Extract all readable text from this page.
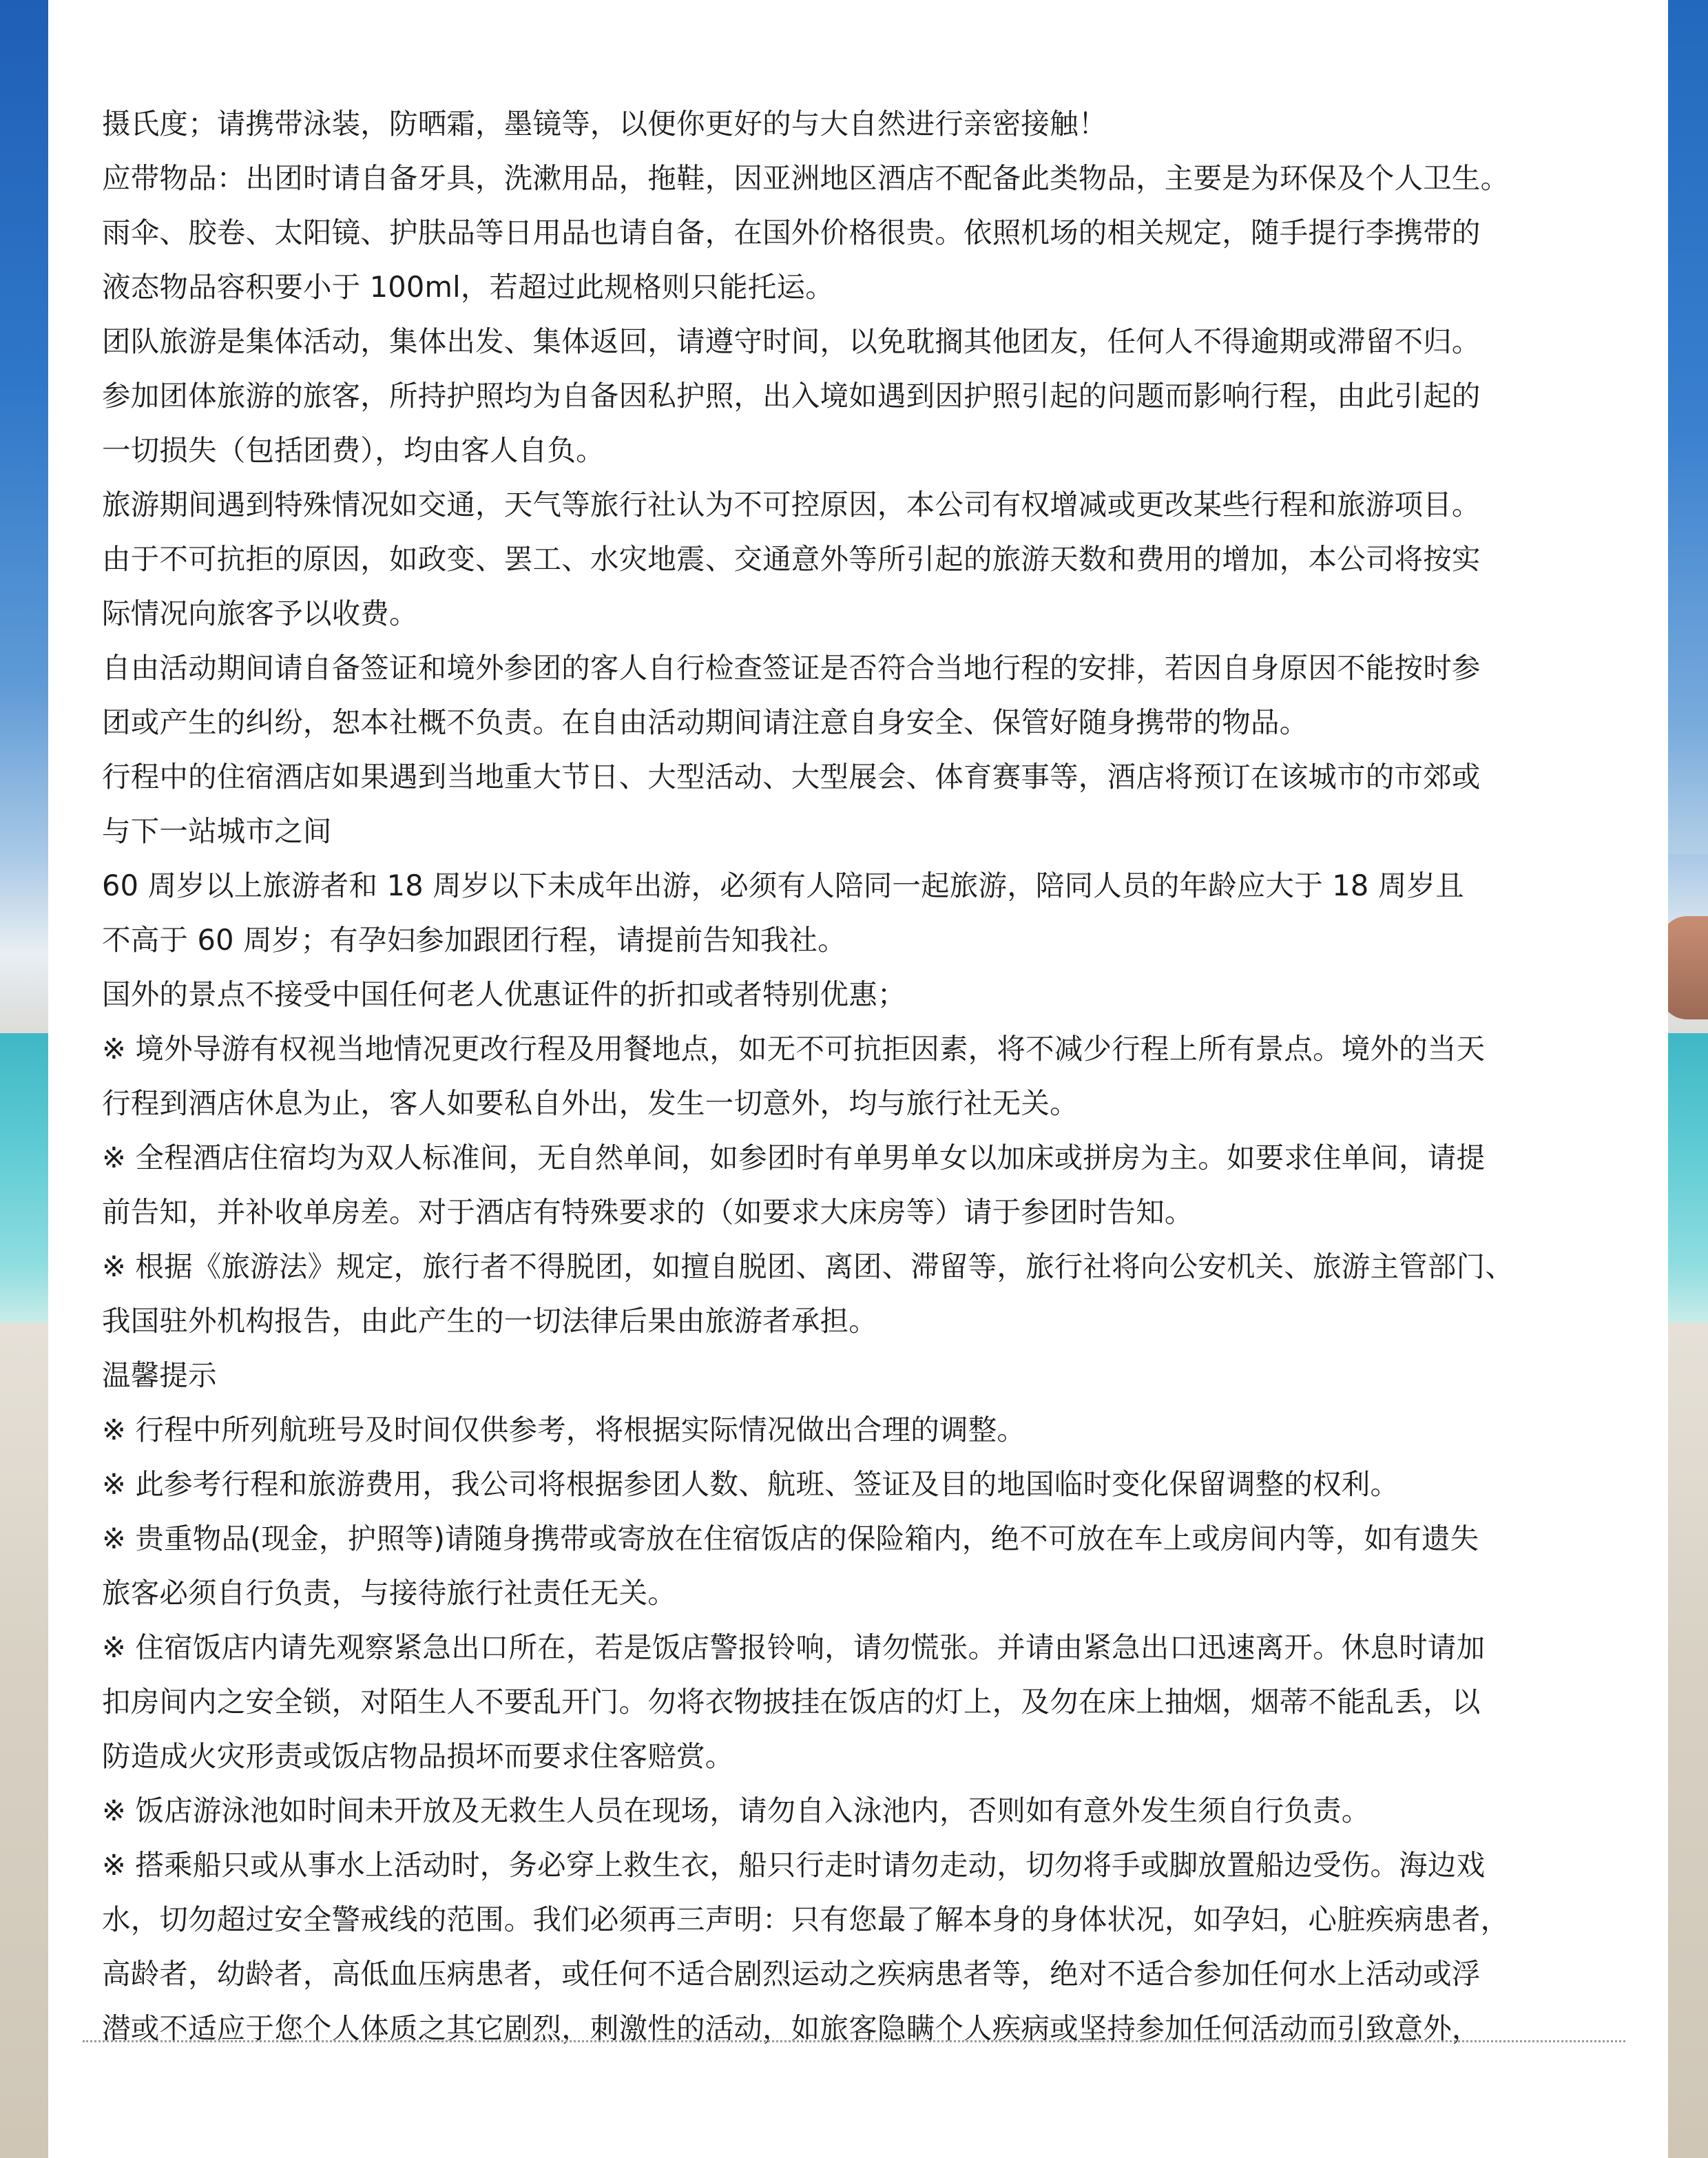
摄氏度；请携带泳装，防晒霜，墨镜等，以便你更好的与大自然进行亲密接触！
应带物品：出团时请自备牙具，洗漱用品，拖鞋，因亚洲地区酒店不配备此类物品，主要是为环保及个人卫生。
雨伞、胶卷、太阳镜、护肤品等日用品也请自备，在国外价格很贵。依照机场的相关规定，随手提行李携带的
液态物品容积要小于 100ml，若超过此规格则只能托运。
团队旅游是集体活动，集体出发、集体返回，请遵守时间，以免耽搁其他团友，任何人不得逾期或滞留不归。
参加团体旅游的旅客，所持护照均为自备因私护照，出入境如遇到因护照引起的问题而影响行程，由此引起的
一切损失（包括团费），均由客人自负。
旅游期间遇到特殊情况如交通，天气等旅行社认为不可控原因，本公司有权增减或更改某些行程和旅游项目。
由于不可抗拒的原因，如政变、罢工、水灾地震、交通意外等所引起的旅游天数和费用的增加，本公司将按实
际情况向旅客予以收费。
自由活动期间请自备签证和境外参团的客人自行检查签证是否符合当地行程的安排，若因自身原因不能按时参
团或产生的纠纷，恕本社概不负责。在自由活动期间请注意自身安全、保管好随身携带的物品。
行程中的住宿酒店如果遇到当地重大节日、大型活动、大型展会、体育赛事等，酒店将预订在该城市的市郊或
与下一站城市之间
60 周岁以上旅游者和 18 周岁以下未成年出游，必须有人陪同一起旅游，陪同人员的年龄应大于 18 周岁且
不高于 60 周岁；有孕妇参加跟团行程，请提前告知我社。
国外的景点不接受中国任何老人优惠证件的折扣或者特别优惠；
※ 境外导游有权视当地情况更改行程及用餐地点，如无不可抗拒因素，将不减少行程上所有景点。境外的当天
行程到酒店休息为止，客人如要私自外出，发生一切意外，均与旅行社无关。
※ 全程酒店住宿均为双人标准间，无自然单间，如参团时有单男单女以加床或拼房为主。如要求住单间，请提
前告知，并补收单房差。对于酒店有特殊要求的（如要求大床房等）请于参团时告知。
※ 根据《旅游法》规定，旅行者不得脱团，如擅自脱团、离团、滞留等，旅行社将向公安机关、旅游主管部门、
我国驻外机构报告，由此产生的一切法律后果由旅游者承担。
温馨提示
※ 行程中所列航班号及时间仅供参考，将根据实际情况做出合理的调整。
※ 此参考行程和旅游费用，我公司将根据参团人数、航班、签证及目的地国临时变化保留调整的权利。
※ 贵重物品(现金，护照等)请随身携带或寄放在住宿饭店的保险箱内，绝不可放在车上或房间内等，如有遗失
旅客必须自行负责，与接待旅行社责任无关。
※ 住宿饭店内请先观察紧急出口所在，若是饭店警报铃响，请勿慌张。并请由紧急出口迅速离开。休息时请加
扣房间内之安全锁，对陌生人不要乱开门。勿将衣物披挂在饭店的灯上，及勿在床上抽烟，烟蒂不能乱丢，以
防造成火灾形责或饭店物品损坏而要求住客赔赏。
※ 饭店游泳池如时间未开放及无救生人员在现场，请勿自入泳池内，否则如有意外发生须自行负责。
※ 搭乘船只或从事水上活动时，务必穿上救生衣，船只行走时请勿走动，切勿将手或脚放置船边受伤。海边戏
水，切勿超过安全警戒线的范围。我们必须再三声明：只有您最了解本身的身体状况，如孕妇，心脏疾病患者，
高龄者，幼龄者，高低血压病患者，或任何不适合剧烈运动之疾病患者等，绝对不适合参加任何水上活动或浮
潜或不适应于您个人体质之其它剧烈，刺激性的活动，如旅客隐瞒个人疾病或坚持参加任何活动而引致意外，
